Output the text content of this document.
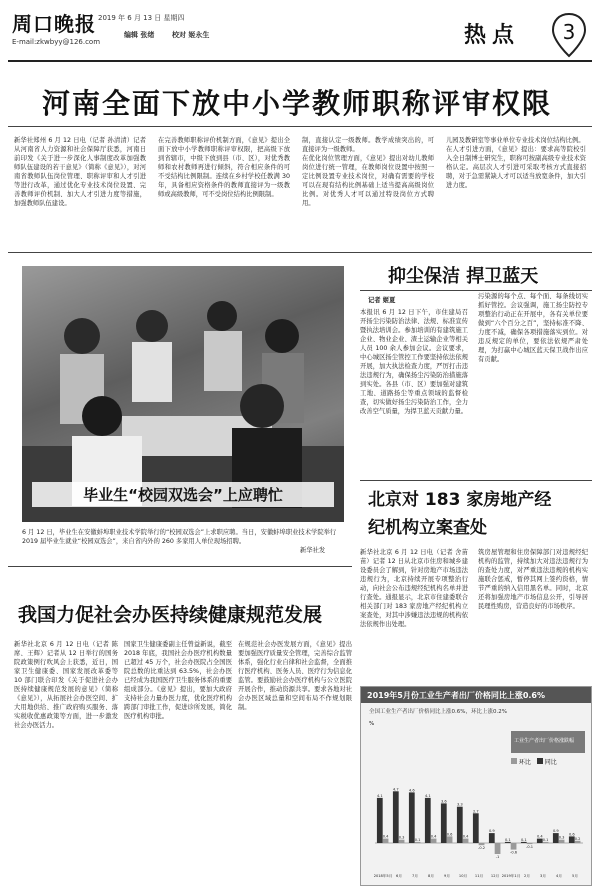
周口晚报 2019 年 6 月 13 日 星期四
E-mail:zkwbyy@126.com
编辑 张绪	校对 姬永生	热点	3
河南全面下放中小学教师职称评审权限
新华社郑州 6 月 12 日电（记者 孙清清）记者从河南省人力资源和社会保障厅获悉，河南日前印发《关于进一步深化人事制度改革加强教师队伍建设的若干意见》（简称《意见》），对河南省教师队伍岗位管理、职称评审和人才引进等进行改革，通过优化专业技术岗位设置、完善教师评价机制、加大人才引进力度等措施，加强教师队伍建设。
在完善教师职称评价机制方面，《意见》提出全面下放中小学教师职称评审权限，把高级下放到省辖市，中级下放到县（市、区），对优秀教师和农村教师再进行倾斜，符合相应条件的可不受结构比例限制。连续在乡村学校任教满 30 年，具备相应资格条件的教师直接评为一级教师或高级教师，可不受岗位结构比例限制。
制，直接认定一级教师。教学成绩突出的，可直接评为一级教师。
在优化岗位管理方面，《意见》提出对幼儿教师岗位进行统一管理，在教师岗位设置中按照一定比例设置专业技术岗位，对确有需要的学校可以在现有结构比例基础上适当提高高级岗位比例。对优秀人才可以通过特设岗位方式聘用。
儿园及教研室等事业单位专业技术岗位结构比例。
在人才引进方面，《意见》提出：要求高等院校引入全日制博士研究生，职称可按副高级专业技术资格认定。高层次人才引进可采取考核方式直接招聘，对于急需紧缺人才可以适当放宽条件，加大引进力度。
毕业生“校园双选会”上应聘忙
6 月 12 日，毕业生在安徽蚌埠职业技术学院举行的“校园双选会”上求职应聘。当日，安徽蚌埠职业技术学院举行 2019 届毕业生就业“校园双选会”，来自省内外的 260 多家用人单位现场招聘。
新华社发
抑尘保洁 捍卫蓝天
记者 姬夏
本报讯 6 月 12 日下午，市住建局召开扬尘污染防治法律、法规、标准宣传暨执法培训会。参加培训的有建筑施工企业、物业企业、渣土运输企业等相关人员 100 余人参加会议。会议要求，中心城区扬尘管控工作要坚持依法依规开展，加大执法检查力度，严厉打击违法违规行为，确保扬尘污染防治措施落到实处。各县（市、区）要加强对建筑工地、道路扬尘等重点领域的监督检查，切实做好扬尘污染防治工作，全力改善空气质量，为捍卫蓝天贡献力量。
污染源的每个点、每个面、每条线切实抓好管控。会议强调，施工扬尘防控专项整治行动正在开展中，各有关单位要做到“六个百分之百”，坚持标准不降、力度不减，确保各项措施落实到位。对违反规定的单位，要依法依规严肃处理，为打赢中心城区蓝天保卫战作出应有贡献。
北京对 183 家房地产经纪机构立案查处
新华社北京 6 月 12 日电（记者 舍苗苗）记者 12 日从北京市住房和城乡建设委员会了解到，针对房地产市场违法违规行为，北京持续开展专项整治行动，向社会公布违规经纪机构名单并进行查处。通报显示，北京市住建委联合相关部门对 183 家房地产经纪机构立案查处，对其中涉嫌违法违规的机构依法依规作出处理。
筑房屋管理和住房保障部门对违规经纪机构的监管，持续加大对违法违规行为的查处力度，对严重违法违规的机构实施联合惩戒，暂停其网上签约资格，情节严重的纳入信用黑名单。同时，北京还将加强房地产市场信息公开，引导居民理性购房，营造良好的市场秩序。
我国力促社会办医持续健康规范发展
新华社北京 6 月 12 日电（记者 陈席、王辉）记者从 12 日举行的国务院政策例行吹风会上获悉，近日，国家卫生健康委、国家发展改革委等 10 部门联合印发《关于促进社会办医持续健康规范发展的意见》（简称《意见》），从拓展社会办医空间、扩大用地供给、推广政府购买服务、落实税收优惠政策等方面，进一步激发社会办医活力。
国家卫生健康委副主任曾益新说，截至 2018 年底，我国社会办医疗机构数量已超过 45 万个，社会办医院占全国医院总数的比重达到 63.5%，社会办医已经成为我国医疗卫生服务体系的重要组成部分。《意见》提出，要加大政府支持社会力量办医力度，优化医疗机构跨部门审批工作，促进诊所发展，简化医疗机构审批。
在规范社会办医发展方面，《意见》提出要加强医疗质量安全管理，完善综合监管体系，强化行业自律和社会监督，全面推行医疗机构、医务人员、医疗行为信息化监管。要鼓励社会办医疗机构与公立医院开展合作，推动资源共享。要求各地对社会办医区域总量和空间布局不作规划限制。
2019年5月份工业生产者出厂价格同比上涨0.6%
全国工业生产者出厂价格同比上涨0.6%，环比上涨0.2%
工业生产者出厂价格涨跌幅
环比 同比
%
4.1
4.7	4.6
4.1
3.6
3.3
2.7
0.9
0.1	0.1
0.4
0.9
0.6
0.4	0.3
0.1
0.4
0.6
0.4
-0.2
-1
-0.6
-0.1
0.1
0.3	0.2
2018年5月 6月	7月	8月	9月 10月 11月 12月 2019年1月 2月	3月	4月	5月
